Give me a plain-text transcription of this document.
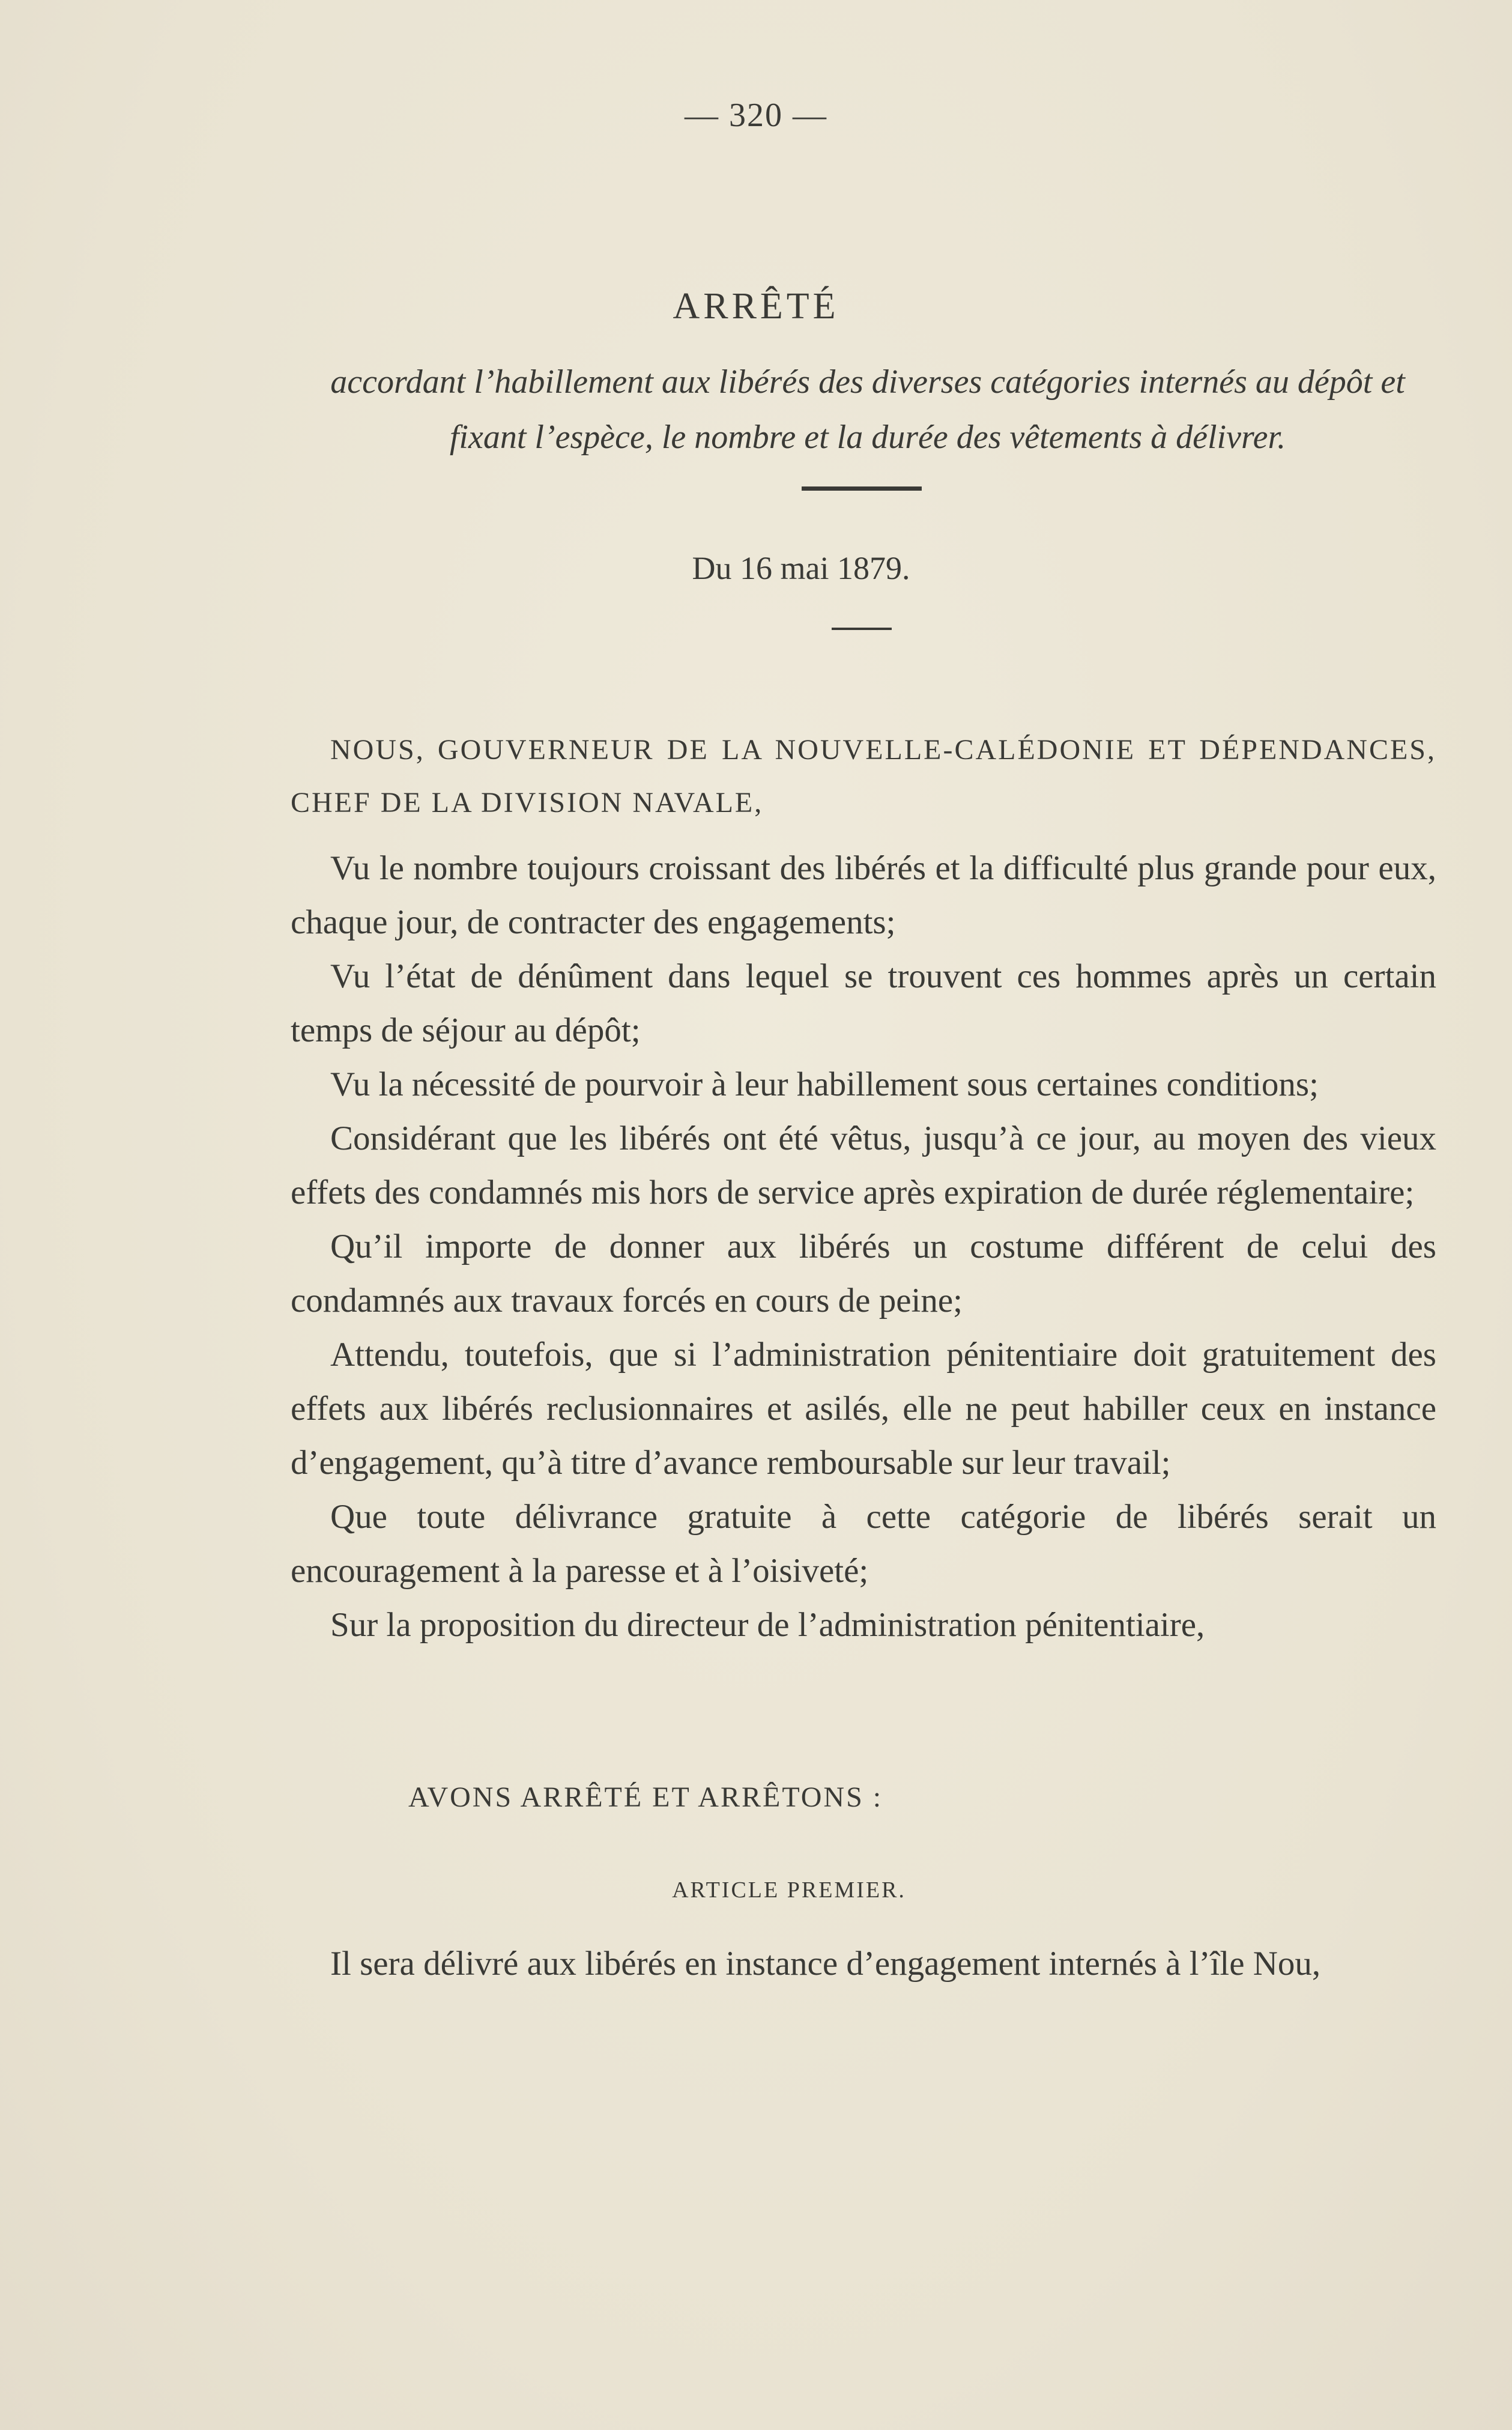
— 320 —
ARRÊTÉ
accordant l’habillement aux libérés des diverses catégories internés au dépôt et fixant l’espèce, le nombre et la durée des vêtements à délivrer.
Du 16 mai 1879.

NOUS, GOUVERNEUR DE LA NOUVELLE-CALÉDONIE ET DÉPENDANCES, CHEF DE LA DIVISION NAVALE,

Vu le nombre toujours croissant des libérés et la difficulté plus grande pour eux, chaque jour, de contracter des engagements;

Vu l’état de dénûment dans lequel se trouvent ces hommes après un certain temps de séjour au dépôt;

Vu la nécessité de pourvoir à leur habillement sous certaines conditions;

Considérant que les libérés ont été vêtus, jusqu’à ce jour, au moyen des vieux effets des condamnés mis hors de service après expiration de durée réglementaire;

Qu’il importe de donner aux libérés un costume différent de celui des condamnés aux travaux forcés en cours de peine;

Attendu, toutefois, que si l’administration pénitentiaire doit gratuitement des effets aux libérés reclusionnaires et asilés, elle ne peut habiller ceux en instance d’engagement, qu’à titre d’avance remboursable sur leur travail;

Que toute délivrance gratuite à cette catégorie de libérés serait un encouragement à la paresse et à l’oisiveté;

Sur la proposition du directeur de l’administration pénitentiaire,

AVONS ARRÊTÉ ET ARRÊTONS :
ARTICLE PREMIER.
Il sera délivré aux libérés en instance d’engagement internés à l’île Nou,
